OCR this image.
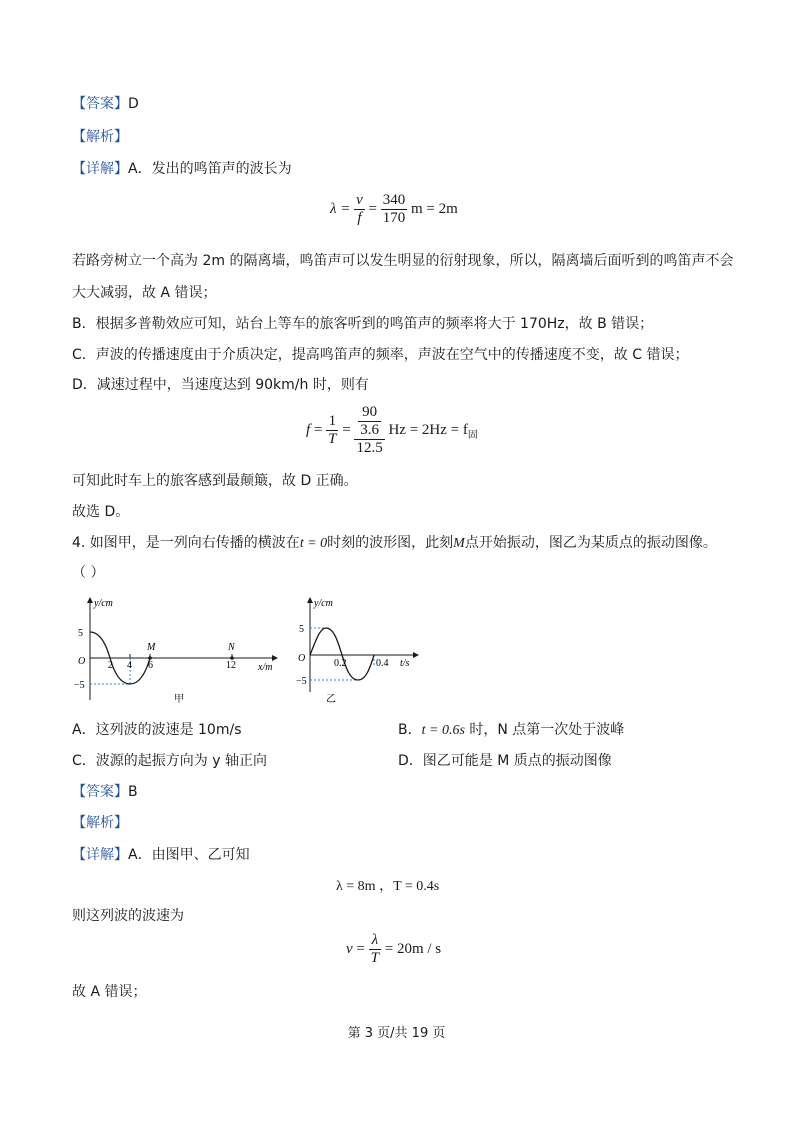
【答案】D
【解析】
【详解】A．发出的鸣笛声的波长为
$\lambda = \frac{v}{f} = \frac{340}{170}$ m = 2m
若路旁树立一个高为 2m 的隔离墙，鸣笛声可以发生明显的衍射现象，所以，隔离墙后面听到的鸣笛声不会
大大减弱，故 A 错误；
B．根据多普勒效应可知，站台上等车的旅客听到的鸣笛声的频率将大于 170Hz，故 B 错误；
C．声波的传播速度由于介质决定，提高鸣笛声的频率，声波在空气中的传播速度不变，故 C 错误；
D．减速过程中，当速度达到 90km/h 时，则有
$f = \frac{1}{T} = \frac{\frac{90}{3.6}}{12.5}$ $Hz = 2Hz = f_固$
可知此时车上的旅客感到最颠簸，故 D 正确。
故选 D。
4. 如图甲，是一列向右传播的横波在t = 0时刻的波形图，此刻M点开始振动，图乙为某质点的振动图像。
（ ）
y/cm
5
−5
O 2 4 6	12 x/m
M	N
甲
y/cm
5
−5
O	0.2	0.4 t/s
乙
A．这列波的波速是 10m/s	B．t = 0.6s 时，N 点第一次处于波峰
C．波源的起振方向为 y 轴正向	D．图乙可能是 M 质点的振动图像
【答案】B
【解析】
【详解】A．由图甲、乙可知
λ = 8m ，T = 0.4s
则这列波的波速为
$v = \frac{\lambda}{T} = 20m / s$
故 A 错误；
第 3 页/共 19 页
